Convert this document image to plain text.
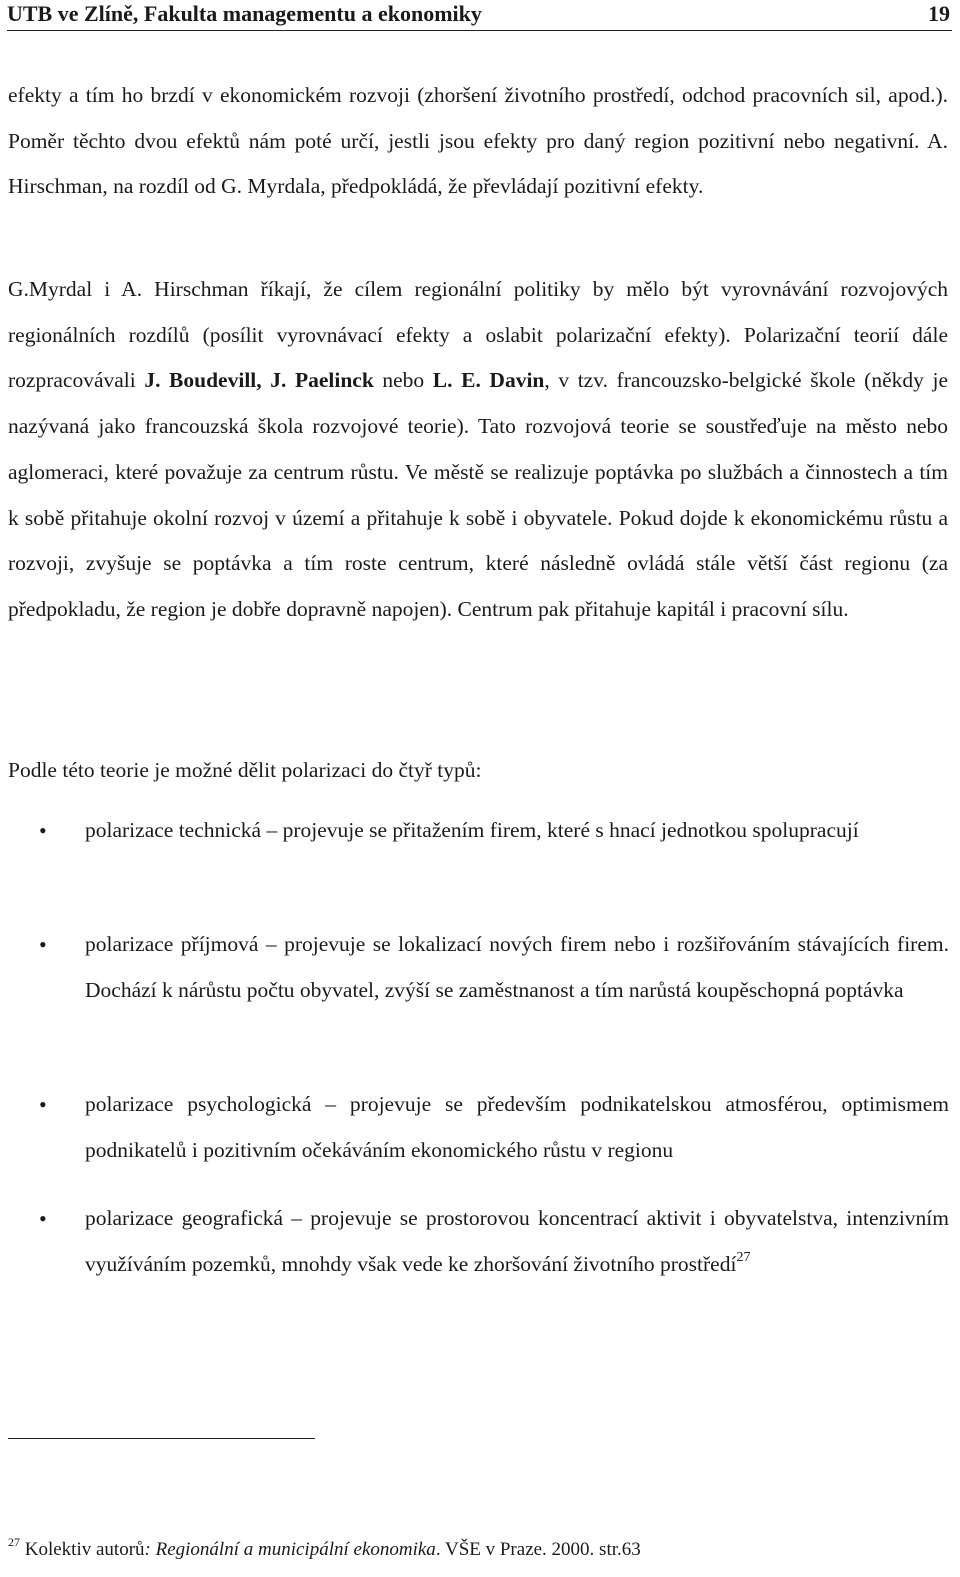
UTB ve Zlíně, Fakulta managementu a ekonomiky	19

efekty a tím ho brzdí v ekonomickém rozvoji (zhoršení životního prostředí, odchod pracovních sil, apod.). Poměr těchto dvou efektů nám poté určí, jestli jsou efekty pro daný region pozitivní nebo negativní. A. Hirschman, na rozdíl od G. Myrdala, předpokládá, že převládají pozitivní efekty.

G.Myrdal i A. Hirschman říkají, že cílem regionální politiky by mělo být vyrovnávání rozvojových regionálních rozdílů (posílit vyrovnávací efekty a oslabit polarizační efekty). Polarizační teorií dále rozpracovávali J. Boudevill, J. Paelinck nebo L. E. Davin, v tzv. francouzsko-belgické škole (někdy je nazývaná jako francouzská škola rozvojové teorie). Tato rozvojová teorie se soustřeďuje na město nebo aglomeraci, které považuje za centrum růstu. Ve městě se realizuje poptávka po službách a činnostech a tím k sobě přitahuje okolní rozvoj v území a přitahuje k sobě i obyvatele. Pokud dojde k ekonomickému růstu a rozvoji, zvyšuje se poptávka a tím roste centrum, které následně ovládá stále větší část regionu (za předpokladu, že region je dobře dopravně napojen). Centrum pak přitahuje kapitál i pracovní sílu.

Podle této teorie je možné dělit polarizaci do čtyř typů:

• polarizace technická – projevuje se přitažením firem, které s hnací jednotkou spolupracují
• polarizace příjmová – projevuje se lokalizací nových firem nebo i rozšiřováním stávajících firem. Dochází k nárůstu počtu obyvatel, zvýší se zaměstnanost a tím narůstá koupěschopná poptávka
• polarizace psychologická – projevuje se především podnikatelskou atmosférou, optimismem podnikatelů i pozitivním očekáváním ekonomického růstu v regionu
• polarizace geografická – projevuje se prostorovou koncentrací aktivit i obyvatelstva, intenzivním využíváním pozemků, mnohdy však vede ke zhoršování životního prostředí$^{27}$
$^{27}$ Kolektiv autorů: Regionální a municipální ekonomika. VŠE v Praze. 2000. str.63
